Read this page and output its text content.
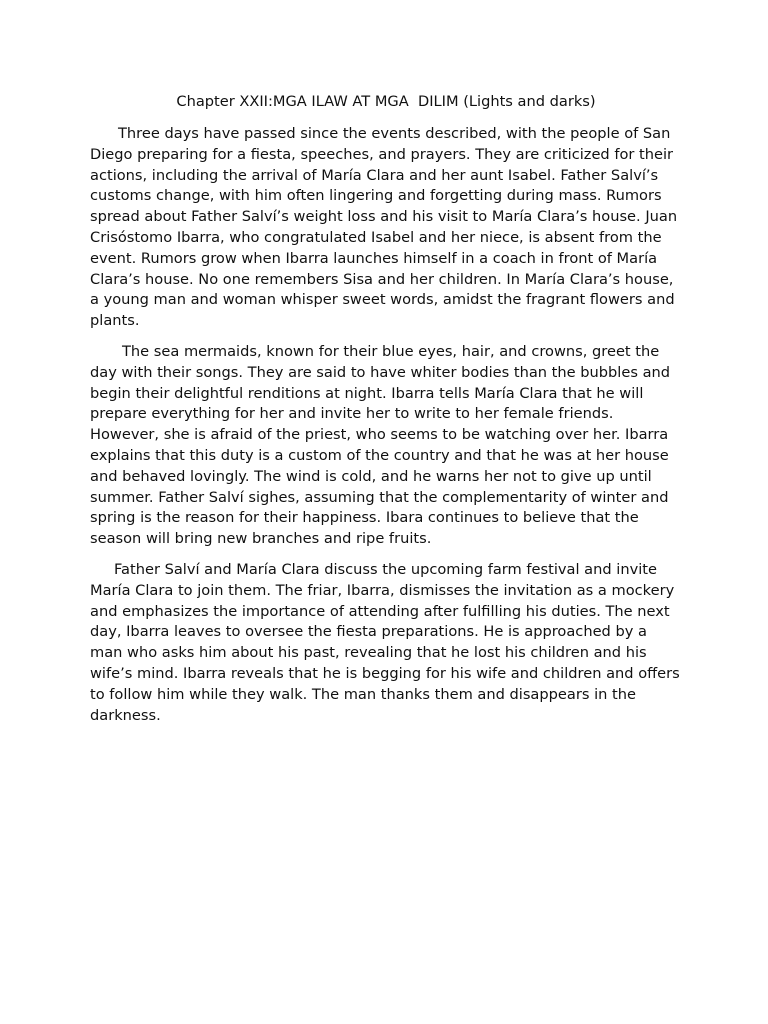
Chapter XXII:MGA ILAW AT MGA  DILIM (Lights and darks)

Three days have passed since the events described, with the people of San Diego preparing for a fiesta, speeches, and prayers. They are criticized for their actions, including the arrival of María Clara and her aunt Isabel. Father Salví’s customs change, with him often lingering and forgetting during mass. Rumors spread about Father Salví’s weight loss and his visit to María Clara’s house. Juan Crisóstomo Ibarra, who congratulated Isabel and her niece, is absent from the event. Rumors grow when Ibarra launches himself in a coach in front of María Clara’s house. No one remembers Sisa and her children. In María Clara’s house, a young man and woman whisper sweet words, amidst the fragrant flowers and plants.

The sea mermaids, known for their blue eyes, hair, and crowns, greet the day with their songs. They are said to have whiter bodies than the bubbles and begin their delightful renditions at night. Ibarra tells María Clara that he will prepare everything for her and invite her to write to her female friends. However, she is afraid of the priest, who seems to be watching over her. Ibarra explains that this duty is a custom of the country and that he was at her house and behaved lovingly. The wind is cold, and he warns her not to give up until summer. Father Salví sighes, assuming that the complementarity of winter and spring is the reason for their happiness. Ibara continues to believe that the season will bring new branches and ripe fruits.

Father Salví and María Clara discuss the upcoming farm festival and invite María Clara to join them. The friar, Ibarra, dismisses the invitation as a mockery and emphasizes the importance of attending after fulfilling his duties. The next day, Ibarra leaves to oversee the fiesta preparations. He is approached by a man who asks him about his past, revealing that he lost his children and his wife’s mind. Ibarra reveals that he is begging for his wife and children and offers to follow him while they walk. The man thanks them and disappears in the darkness.
